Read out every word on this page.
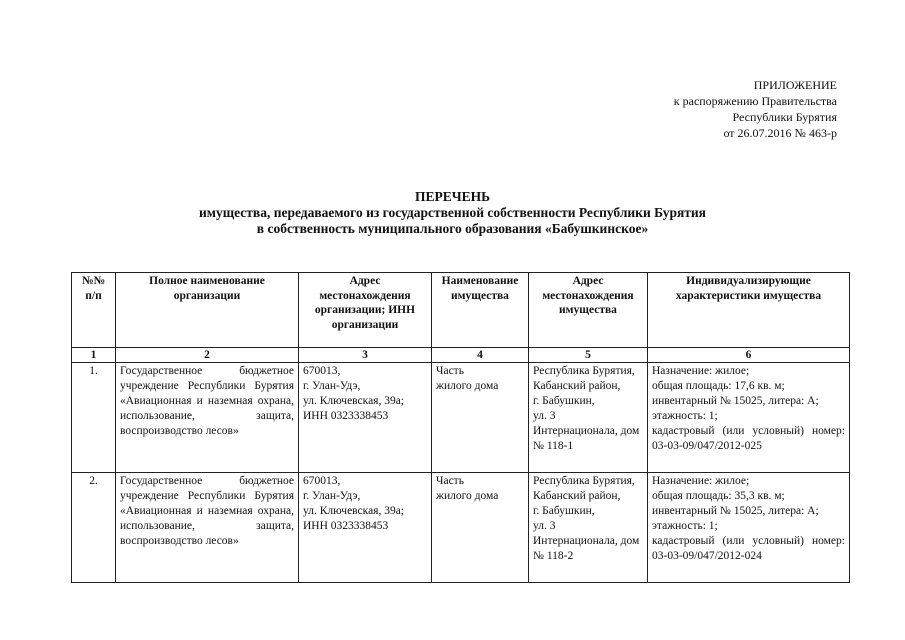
ПРИЛОЖЕНИЕ
к распоряжению Правительства
Республики Бурятия
от 26.07.2016 № 463-р
ПЕРЕЧЕНЬ
имущества, передаваемого из государственной собственности Республики Бурятия
в собственность муниципального образования «Бабушкинское»
№№ п/п	Полное наименование организации	Адрес местонахождения организации; ИНН организации	Наименование имущества	Адрес местонахождения имущества	Индивидуализирующие характеристики имущества
1	2	3	4	5	6
1.	Государственное бюджетное учреждение Республики Бурятия «Авиационная и наземная охрана, использование, защита, воспроизводство лесов»	670013,
г. Улан-Удэ,
ул. Ключевская, 39а;
ИНН 0323338453	Часть
жилого дома	Республика Бурятия,
Кабанский район,
г. Бабушкин,
ул. 3 Интернационала, дом № 118-1	Назначение: жилое;
общая площадь: 17,6 кв. м;
инвентарный № 15025, литера: А;
этажность: 1;
кадастровый (или условный) номер: 03-03-09/047/2012-025

2.	Государственное бюджетное учреждение Республики Бурятия «Авиационная и наземная охрана, использование, защита, воспроизводство лесов»	670013,
г. Улан-Удэ,
ул. Ключевская, 39а;
ИНН 0323338453	Часть
жилого дома	Республика Бурятия,
Кабанский район,
г. Бабушкин,
ул. 3 Интернационала, дом № 118-2	Назначение: жилое;
общая площадь: 35,3 кв. м;
инвентарный № 15025, литера: А;
этажность: 1;
кадастровый (или условный) номер: 03-03-09/047/2012-024
